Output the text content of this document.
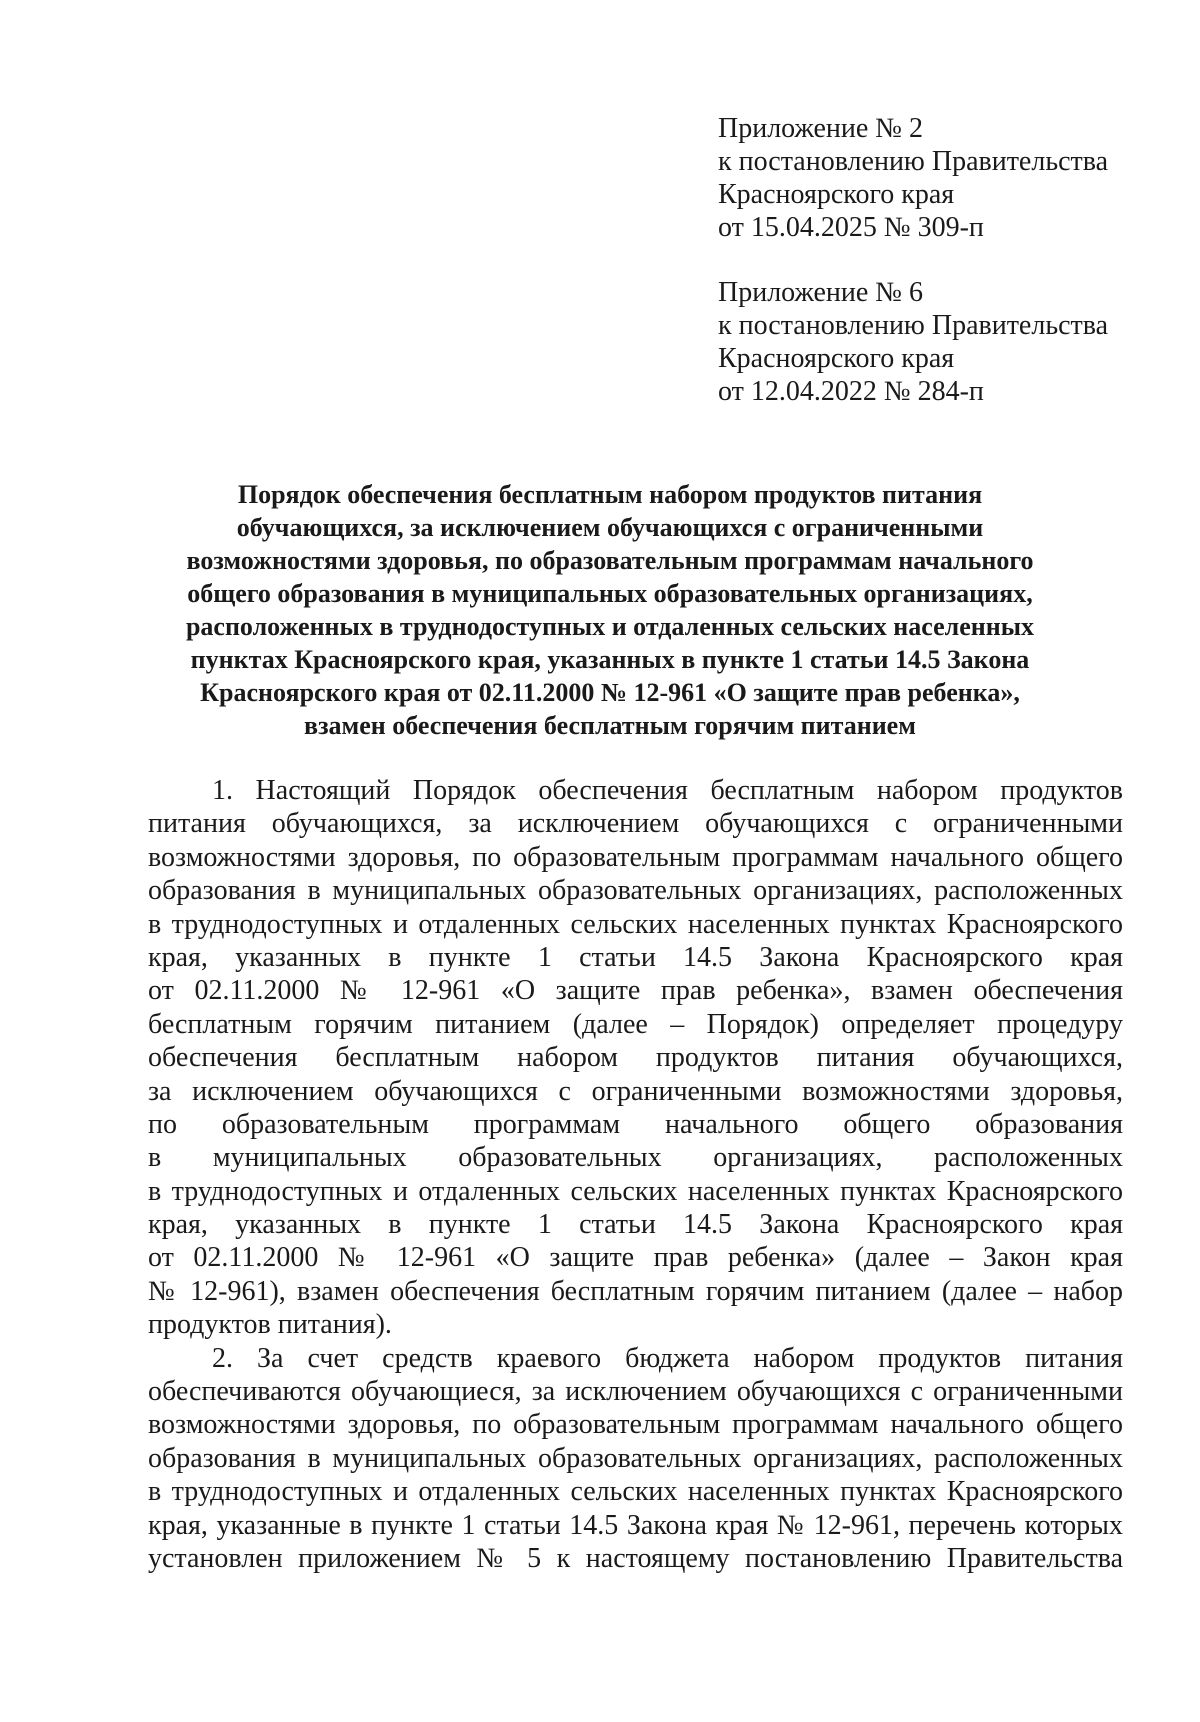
Приложение № 2
к постановлению Правительства
Красноярского края
от 15.04.2025 № 309-п
Приложение № 6
к постановлению Правительства
Красноярского края
от 12.04.2022 № 284-п
Порядок обеспечения бесплатным набором продуктов питания
обучающихся, за исключением обучающихся с ограниченными
возможностями здоровья, по образовательным программам начального
общего образования в муниципальных образовательных организациях,
расположенных в труднодоступных и отдаленных сельских населенных
пунктах Красноярского края, указанных в пункте 1 статьи 14.5 Закона
Красноярского края от 02.11.2000 № 12-961 «О защите прав ребенка»,
взамен обеспечения бесплатным горячим питанием
1. Настоящий Порядок обеспечения бесплатным набором продуктов
питания обучающихся, за исключением обучающихся с ограниченными
возможностями здоровья, по образовательным программам начального общего
образования в муниципальных образовательных организациях, расположенных
в труднодоступных и отдаленных сельских населенных пунктах Красноярского
края, указанных в пункте 1 статьи 14.5 Закона Красноярского края
от 02.11.2000 № 12-961 «О защите прав ребенка», взамен обеспечения
бесплатным горячим питанием (далее – Порядок) определяет процедуру
обеспечения бесплатным набором продуктов питания обучающихся,
за исключением обучающихся с ограниченными возможностями здоровья,
по образовательным программам начального общего образования
в муниципальных образовательных организациях, расположенных
в труднодоступных и отдаленных сельских населенных пунктах Красноярского
края, указанных в пункте 1 статьи 14.5 Закона Красноярского края
от 02.11.2000 № 12-961 «О защите прав ребенка» (далее – Закон края
№ 12-961), взамен обеспечения бесплатным горячим питанием (далее – набор
продуктов питания).
2. За счет средств краевого бюджета набором продуктов питания
обеспечиваются обучающиеся, за исключением обучающихся с ограниченными
возможностями здоровья, по образовательным программам начального общего
образования в муниципальных образовательных организациях, расположенных
в труднодоступных и отдаленных сельских населенных пунктах Красноярского
края, указанные в пункте 1 статьи 14.5 Закона края № 12-961, перечень которых
установлен приложением № 5 к настоящему постановлению Правительства
